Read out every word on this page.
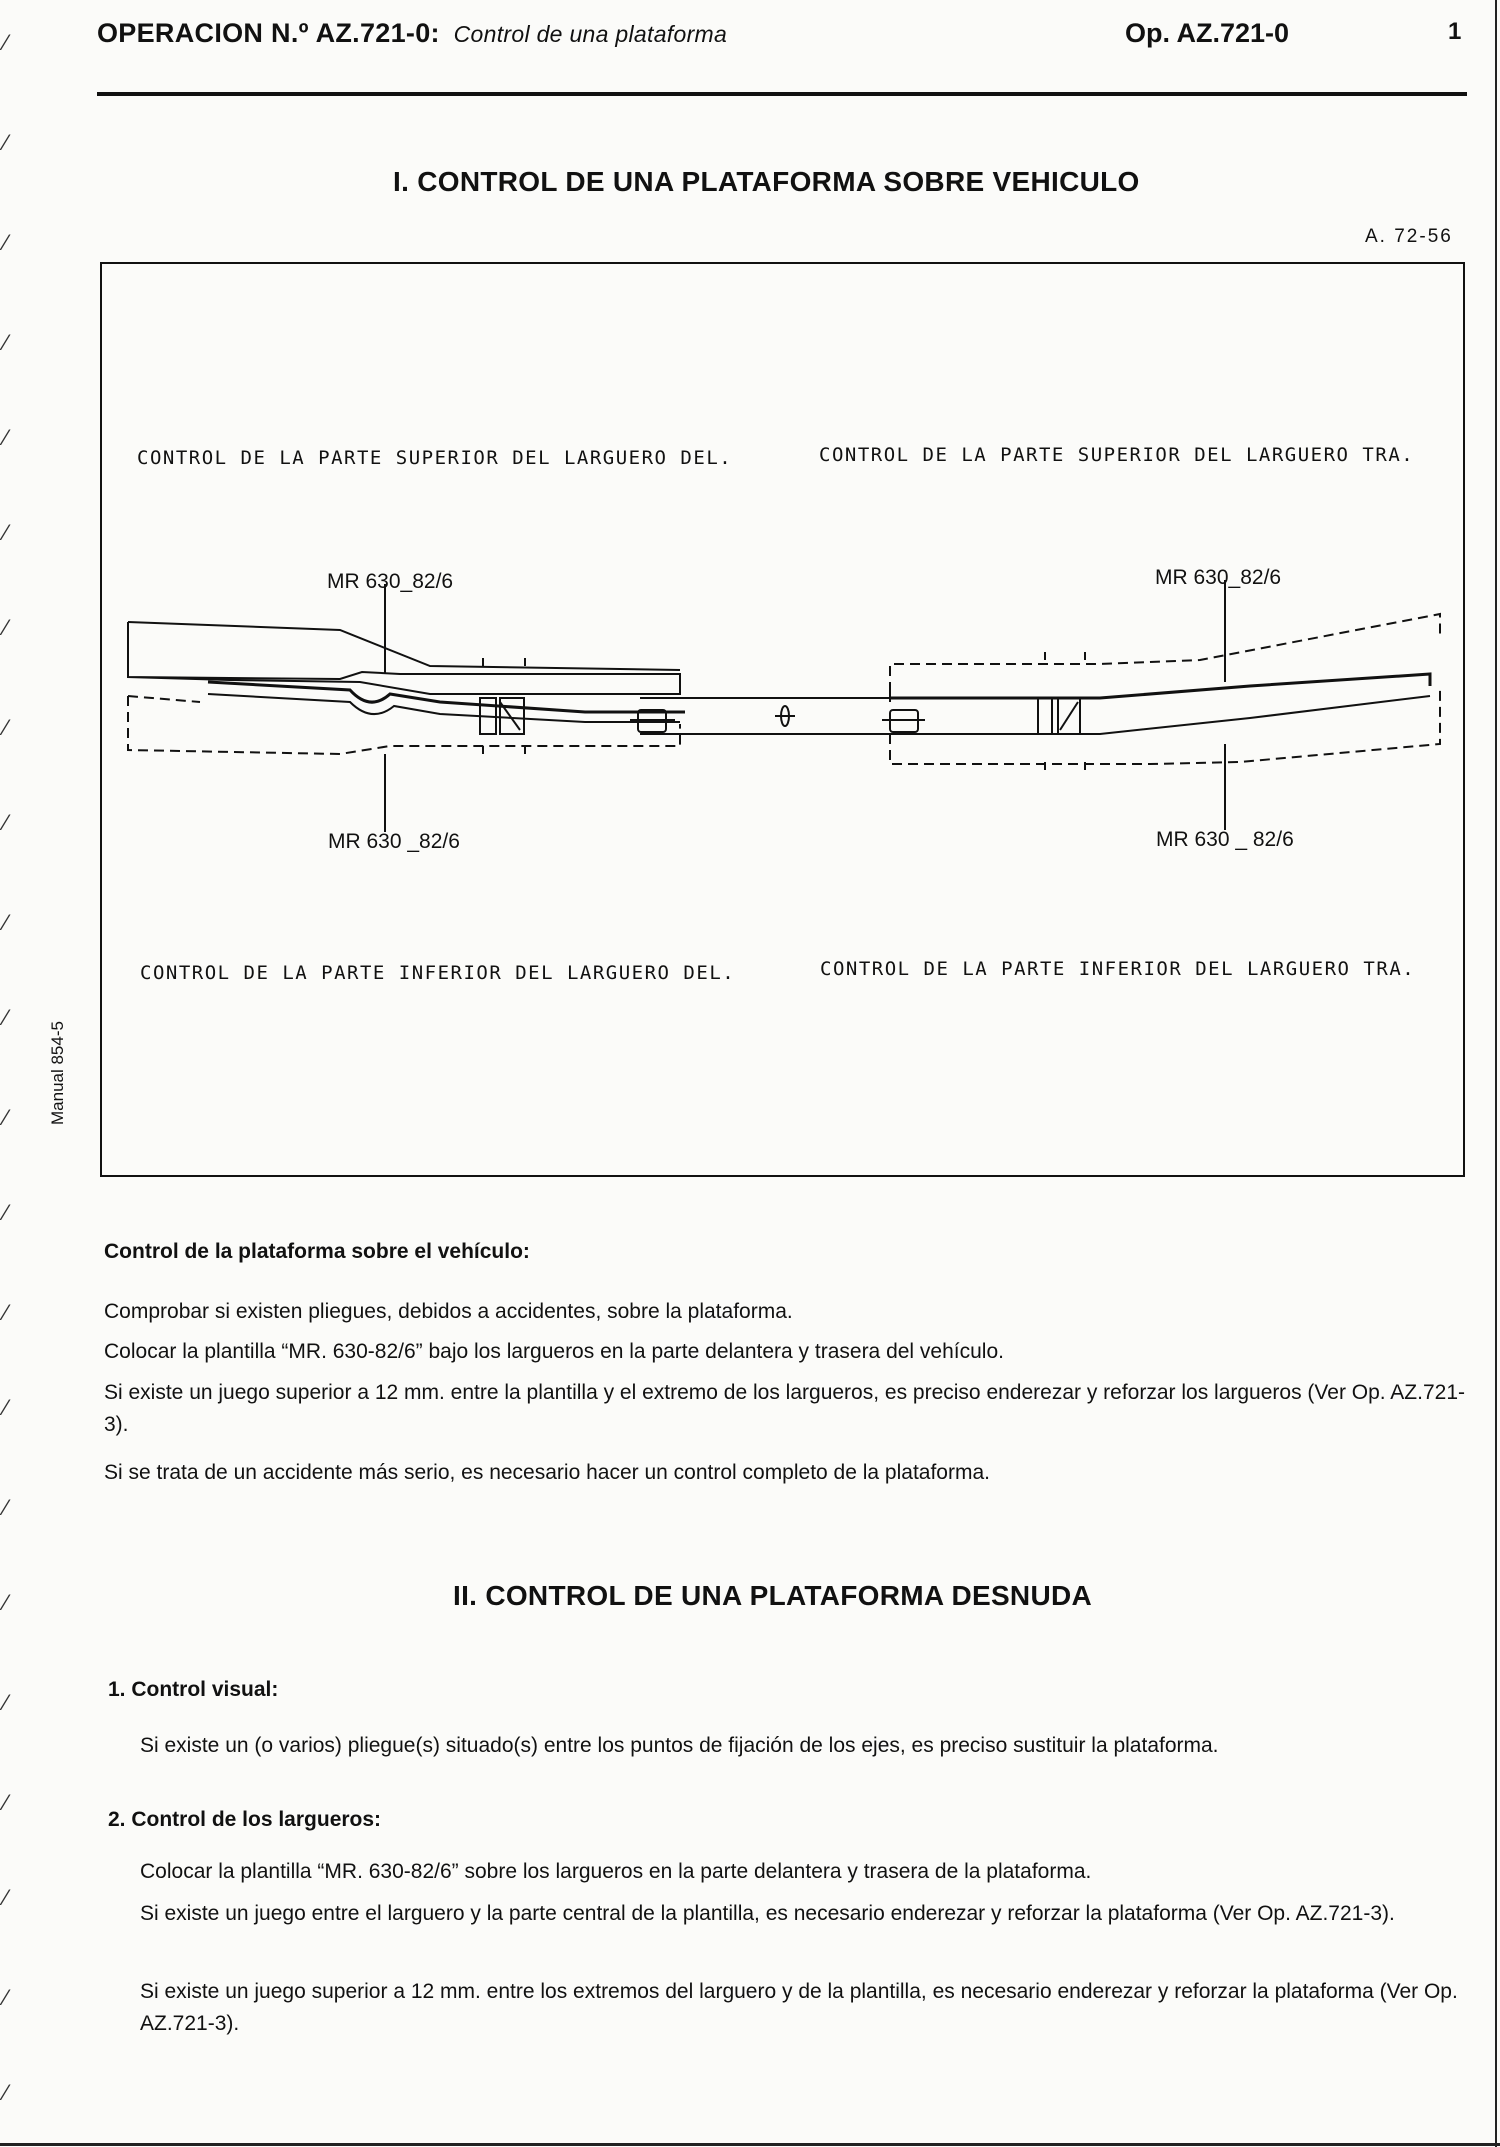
OPERACION N.º AZ.721-0: Control de una plataforma	Op. AZ.721-0	1
I. CONTROL DE UNA PLATAFORMA SOBRE VEHICULO
A. 72-56
CONTROL DE LA PARTE SUPERIOR DEL LARGUERO DEL.	CONTROL DE LA PARTE SUPERIOR DEL LARGUERO TRA.
CONTROL DE LA PARTE INFERIOR DEL LARGUERO DEL.	CONTROL DE LA PARTE INFERIOR DEL LARGUERO TRA.
MR 630_82/6	MR 630_82/6
MR 630 _82/6	MR 630 _ 82/6
Manual 854-5
Control de la plataforma sobre el vehículo:
Comprobar si existen pliegues, debidos a accidentes, sobre la plataforma.
Colocar la plantilla “MR. 630-82/6” bajo los largueros en la parte delantera y trasera del vehículo.
Si existe un juego superior a 12 mm. entre la plantilla y el extremo de los largueros, es preciso enderezar y reforzar los largueros (Ver Op. AZ.721-3).
Si se trata de un accidente más serio, es necesario hacer un control completo de la plataforma.
II. CONTROL DE UNA PLATAFORMA DESNUDA
1. Control visual:
Si existe un (o varios) pliegue(s) situado(s) entre los puntos de fijación de los ejes, es preciso sustituir la plataforma.
2. Control de los largueros:
Colocar la plantilla “MR. 630-82/6” sobre los largueros en la parte delantera y trasera de la plataforma.
Si existe un juego entre el larguero y la parte central de la plantilla, es necesario enderezar y reforzar la plataforma (Ver Op. AZ.721-3).
Si existe un juego superior a 12 mm. entre los extremos del larguero y de la plantilla, es necesario enderezar y reforzar la plataforma (Ver Op. AZ.721-3).
⁄
⁄
⁄
⁄
⁄
⁄
⁄
⁄
⁄
⁄
⁄
⁄
⁄
⁄
⁄
⁄
⁄
⁄
⁄
⁄
⁄
⁄
